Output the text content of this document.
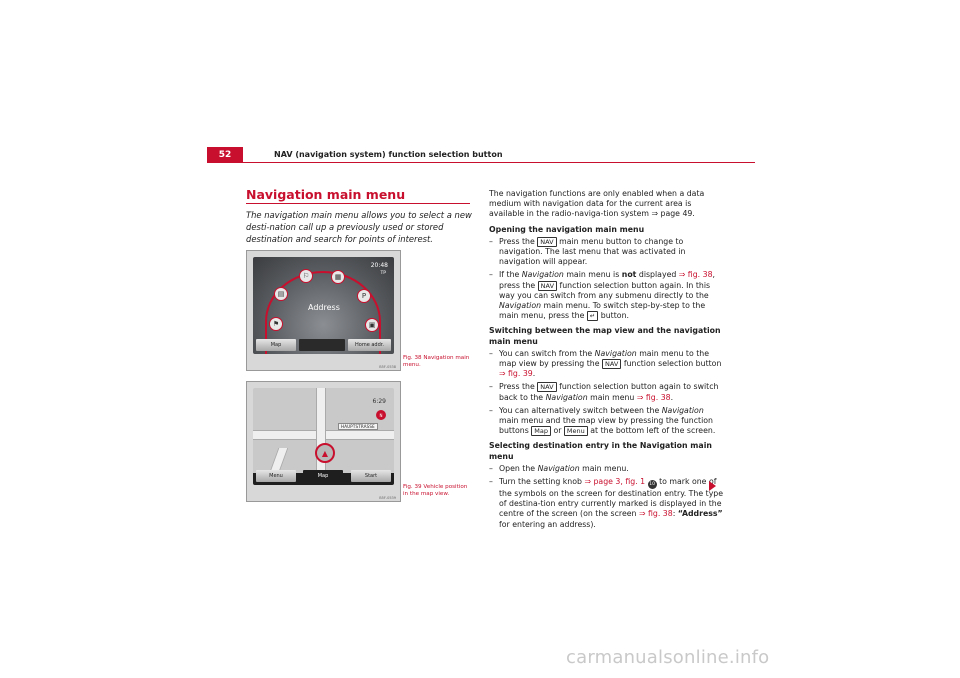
52	NAV (navigation system) function selection button
Navigation main menu

The navigation main menu allows you to select a new desti-nation call up a previously used or stored destination and search for points of interest.

⚑
▤
⚐	▦
P
▣
Address
20:48
TP
Map	Home addr.
B5F-0538
Fig. 38 Navigation main menu.
HAUPTSTRASSE
6:29
N
▲
Menu	Map	Start
B5F-0539
Fig. 39 Vehicle position in the map view.

The navigation functions are only enabled when a data medium with navigation data for the current area is available in the radio-naviga-tion system ⇒ page 49.

Opening the navigation main menu
– Press the NAV main menu button to change to navigation. The last menu that was activated in navigation will appear.
– If the Navigation main menu is not displayed ⇒ fig. 38, press the NAV function selection button again. In this way you can switch from any submenu directly to the Navigation main menu. To switch step-by-step to the main menu, press the ↵ button.
Switching between the map view and the navigation main menu
– You can switch from the Navigation main menu to the map view by pressing the NAV function selection button ⇒ fig. 39.
– Press the NAV function selection button again to switch back to the Navigation main menu ⇒ fig. 38.
– You can alternatively switch between the Navigation main menu and the map view by pressing the function buttons Map or Menu at the bottom left of the screen.
Selecting destination entry in the Navigation main menu
– Open the Navigation main menu.
– Turn the setting knob ⇒ page 3, fig. 1 10 to mark one of the symbols on the screen for destination entry. The type of destina-tion entry currently marked is displayed in the centre of the screen (on the screen ⇒ fig. 38: “Address” for entering an address).
carmanualsonline.info
